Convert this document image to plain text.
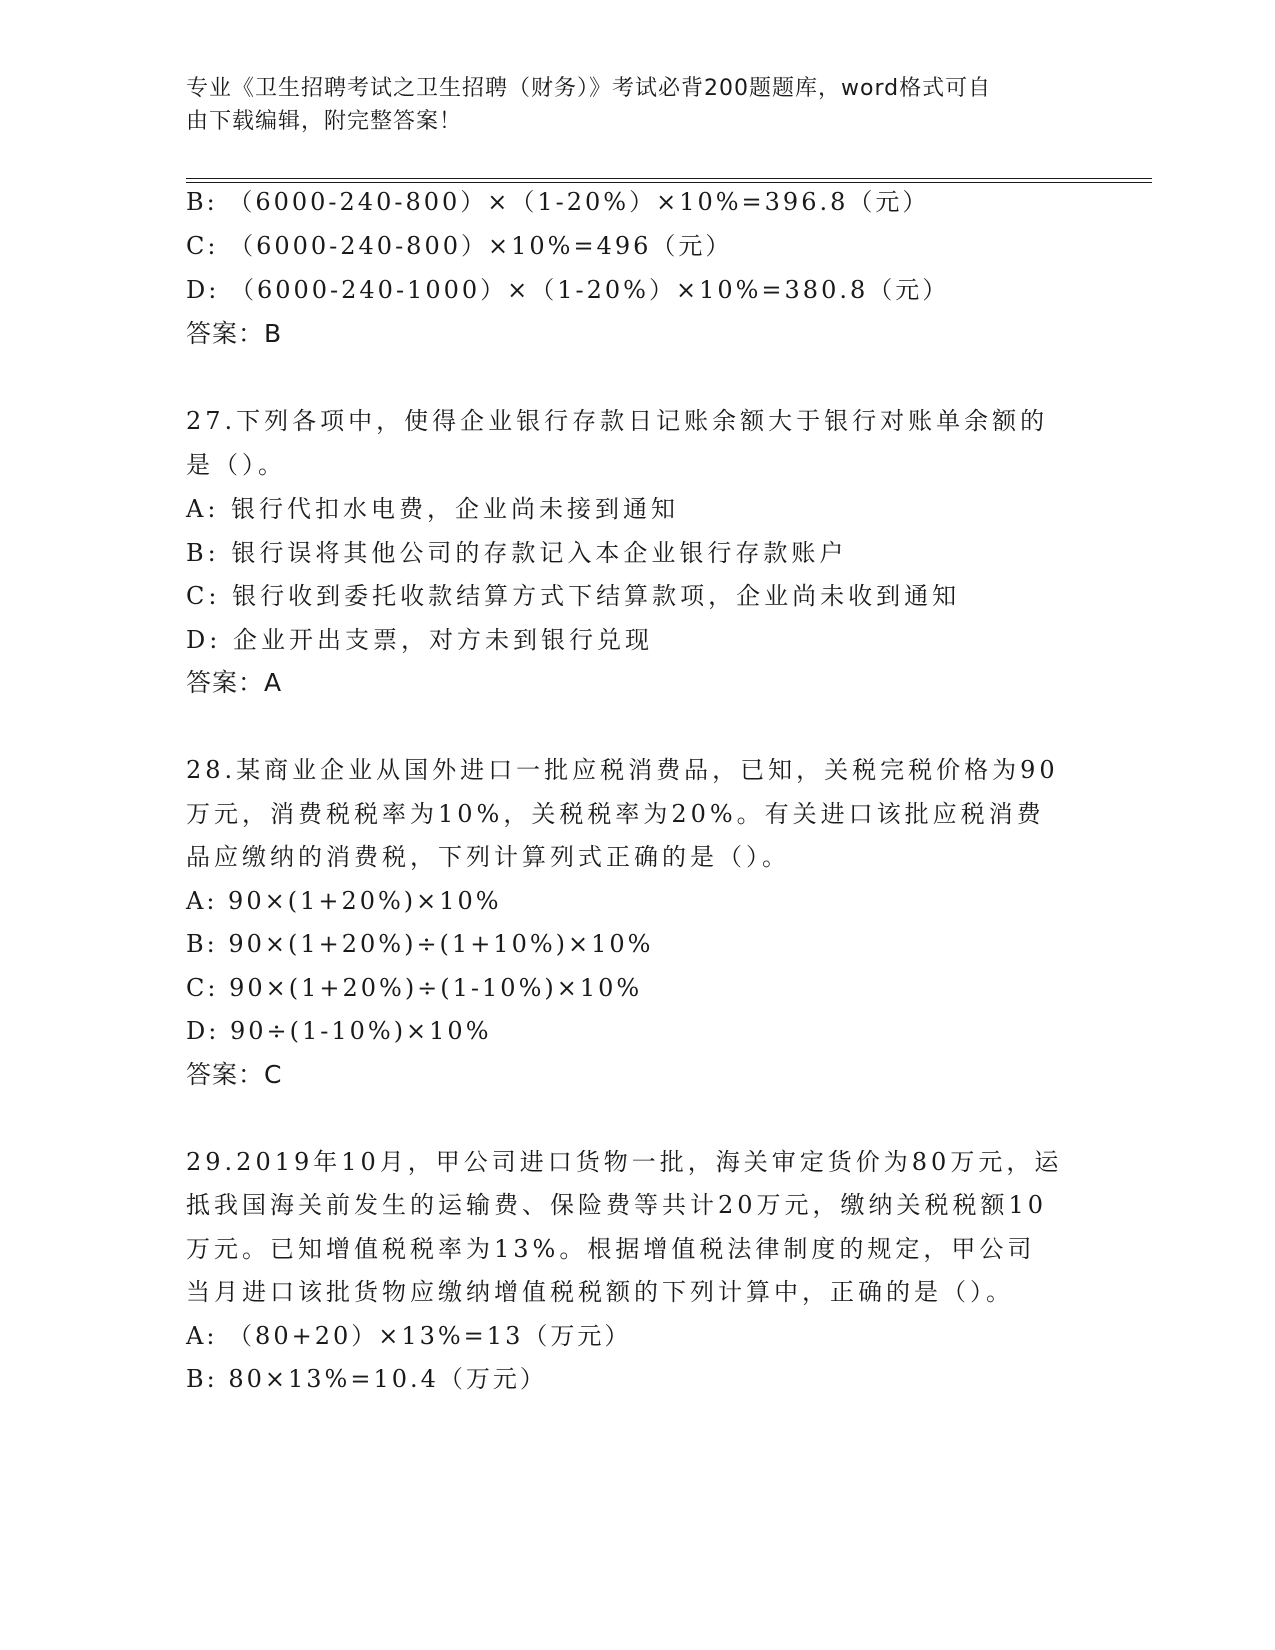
专业《卫生招聘考试之卫生招聘（财务）》考试必背200题题库，word格式可自
由下载编辑，附完整答案！
B: （6000-240-800）×（1-20%）×10%=396.8（元）
C: （6000-240-800）×10%=496（元）
D: （6000-240-1000）×（1-20%）×10%=380.8（元）
答案：B
27.下列各项中，使得企业银行存款日记账余额大于银行对账单余额的
是（）。
A: 银行代扣水电费，企业尚未接到通知
B: 银行误将其他公司的存款记入本企业银行存款账户
C: 银行收到委托收款结算方式下结算款项，企业尚未收到通知
D: 企业开出支票，对方未到银行兑现
答案：A
28.某商业企业从国外进口一批应税消费品，已知，关税完税价格为90
万元，消费税税率为10%，关税税率为20%。有关进口该批应税消费
品应缴纳的消费税，下列计算列式正确的是（）。
A: 90×(1+20%)×10%
B: 90×(1+20%)÷(1+10%)×10%
C: 90×(1+20%)÷(1-10%)×10%
D: 90÷(1-10%)×10%
答案：C
29.2019年10月，甲公司进口货物一批，海关审定货价为80万元，运
抵我国海关前发生的运输费、保险费等共计20万元，缴纳关税税额10
万元。已知增值税税率为13%。根据增值税法律制度的规定，甲公司
当月进口该批货物应缴纳增值税税额的下列计算中，正确的是（）。
A: （80+20）×13%=13（万元）
B: 80×13%=10.4（万元）
